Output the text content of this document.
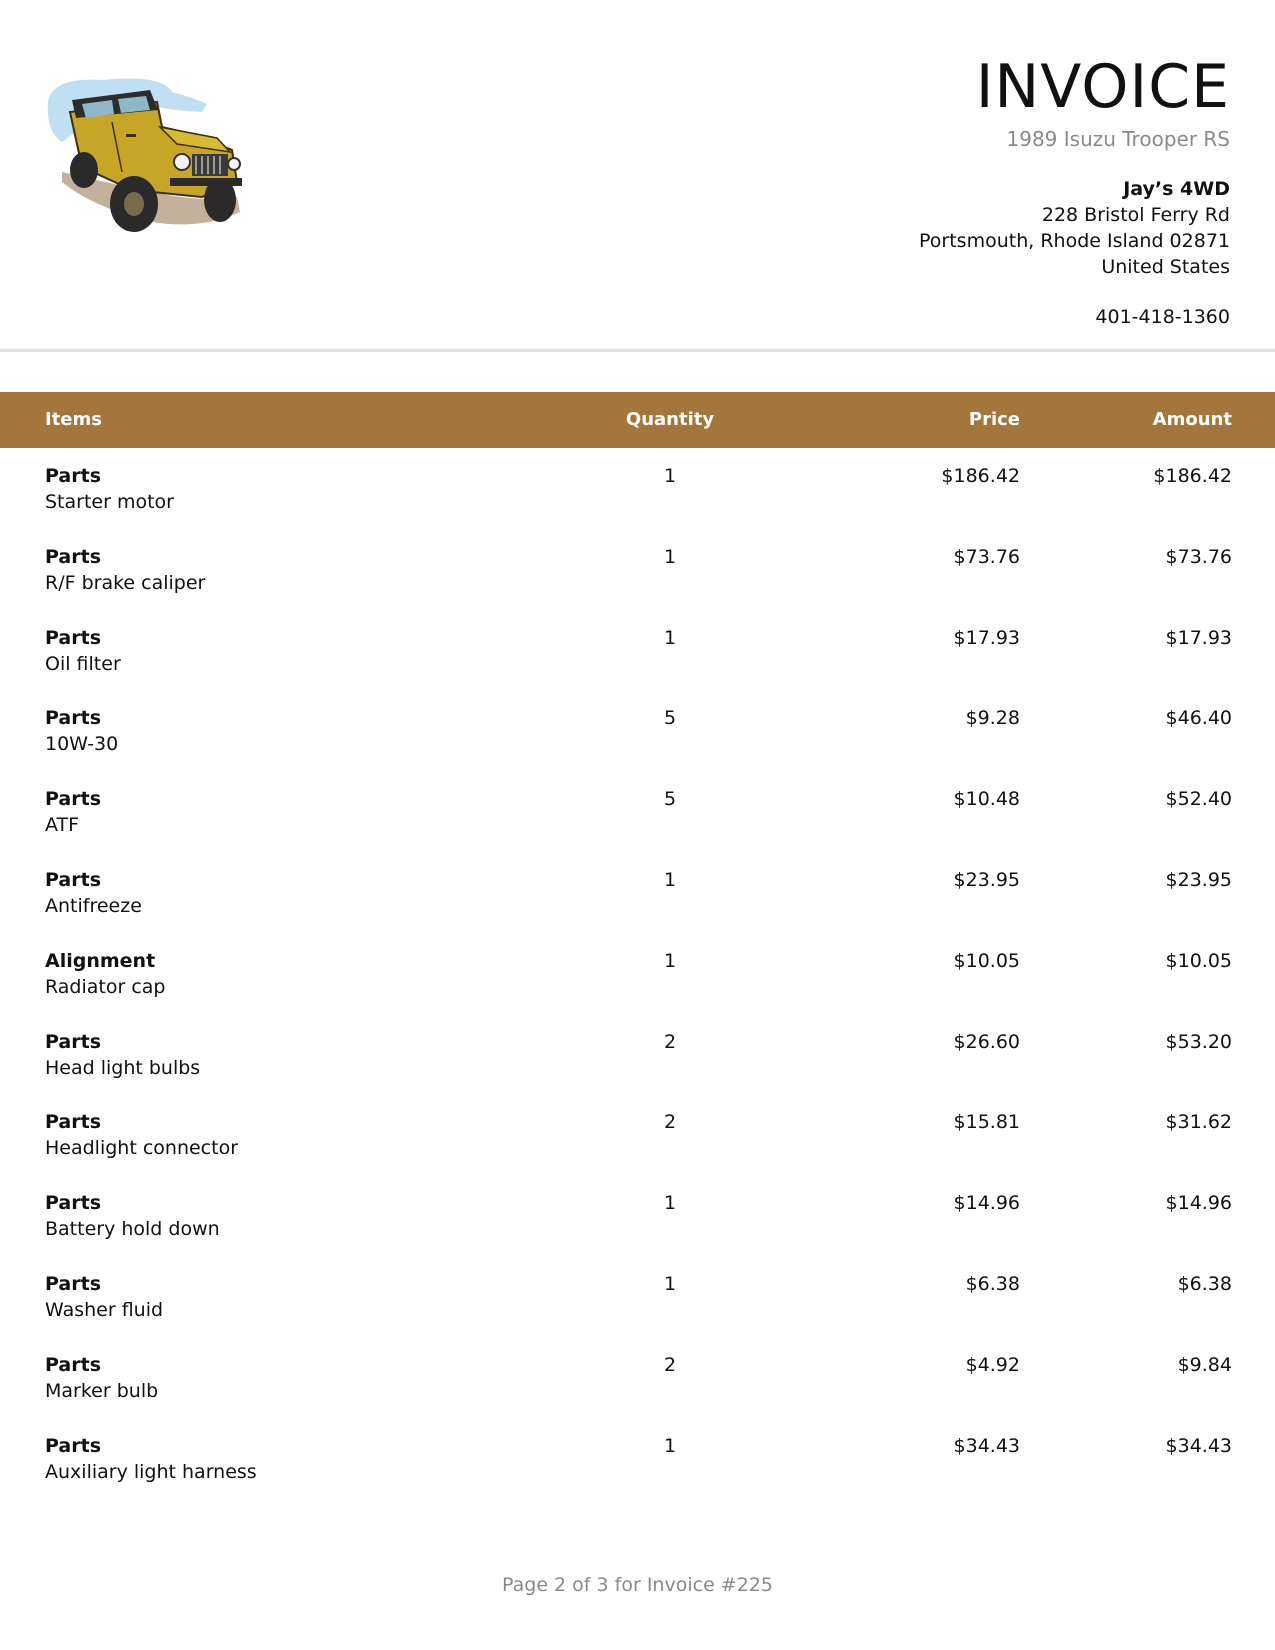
INVOICE
1989 Isuzu Trooper RS
Jay’s 4WD
228 Bristol Ferry Rd
Portsmouth, Rhode Island 02871
United States
401-418-1360
Items	Quantity	Price	Amount
Parts
Starter motor
1	$186.42	$186.42
Parts
R/F brake caliper
1	$73.76	$73.76
Parts
Oil filter
1	$17.93	$17.93
Parts
10W-30
5	$9.28	$46.40
Parts
ATF
5	$10.48	$52.40
Parts
Antifreeze
1	$23.95	$23.95
Alignment
Radiator cap
1	$10.05	$10.05
Parts
Head light bulbs
2	$26.60	$53.20
Parts
Headlight connector
2	$15.81	$31.62
Parts
Battery hold down
1	$14.96	$14.96
Parts
Washer fluid
1	$6.38	$6.38
Parts
Marker bulb
2	$4.92	$9.84
Parts
Auxiliary light harness
1	$34.43	$34.43
Page 2 of 3 for Invoice #225
